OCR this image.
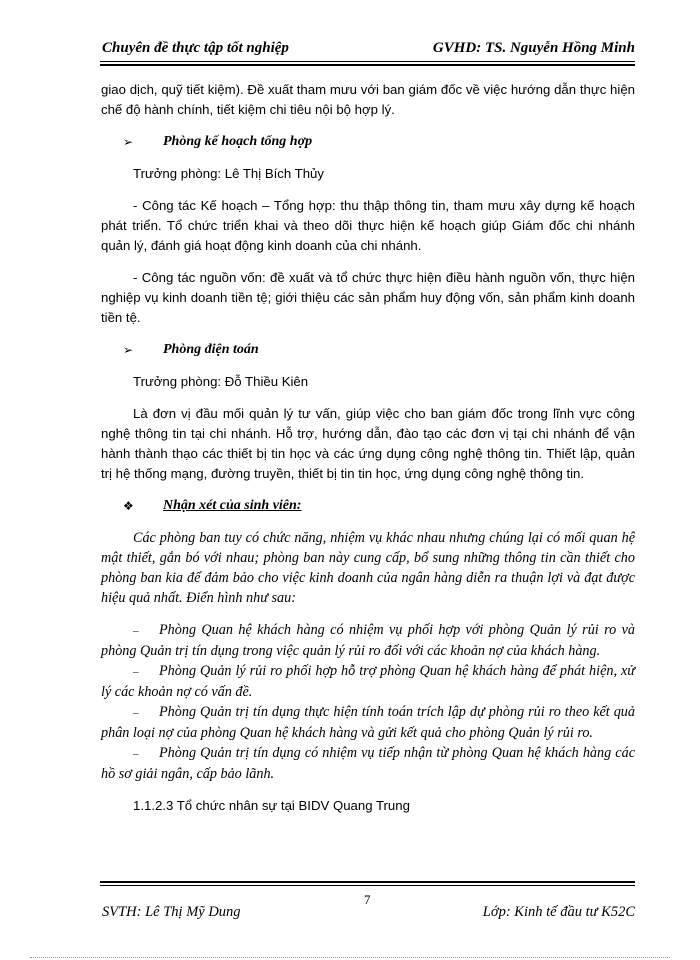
Chuyên đề thực tập tốt nghiệp	GVHD: TS. Nguyễn Hồng Minh

giao dịch, quỹ tiết kiệm). Đề xuất tham mưu với ban giám đốc về việc hướng dẫn thực hiện chế độ hành chính, tiết kiệm chi tiêu nội bộ hợp lý.

➢ Phòng kế hoạch tổng hợp

Trưởng phòng: Lê Thị Bích Thủy

- Công tác Kế hoạch – Tổng hợp: thu thập thông tin, tham mưu xây dựng kế hoạch phát triển. Tổ chức triển khai và theo dõi thực hiện kế hoạch giúp Giám đốc chi nhánh quản lý, đánh giá hoạt động kinh doanh của chi nhánh.

- Công tác nguồn vốn: đề xuất và tổ chức thực hiện điều hành nguồn vốn, thực hiện nghiệp vụ kinh doanh tiền tệ; giới thiệu các sản phẩm huy động vốn, sản phẩm kinh doanh tiền tệ.

➢ Phòng điện toán

Trưởng phòng: Đỗ Thiều Kiên

Là đơn vị đầu mối quản lý tư vấn, giúp việc cho ban giám đốc trong lĩnh vực công nghệ thông tin tại chi nhánh. Hỗ trợ, hướng dẫn, đào tạo các đơn vị tại chi nhánh để vận hành thành thạo các thiết bị tin học và các ứng dụng công nghệ thông tin. Thiết lập, quản trị hệ thống mạng, đường truyền, thiết bị tin tin học, ứng dụng công nghệ thông tin.

❖ Nhận xét của sinh viên:

Các phòng ban tuy có chức năng, nhiệm vụ khác nhau nhưng chúng lại có mối quan hệ mật thiết, gắn bó với nhau; phòng ban này cung cấp, bổ sung những thông tin cần thiết cho phòng ban kia để đảm bảo cho việc kinh doanh của ngân hàng diễn ra thuận lợi và đạt được hiệu quả nhất. Điển hình như sau:

– Phòng Quan hệ khách hàng có nhiệm vụ phối hợp với phòng Quản lý rủi ro và phòng Quản trị tín dụng trong việc quản lý rủi ro đối với các khoản nợ của khách hàng.

– Phòng Quản lý rủi ro phối hợp hỗ trợ phòng Quan hệ khách hàng để phát hiện, xử lý các khoản nợ có vấn đề.

– Phòng Quản trị tín dụng thực hiện tính toán trích lập dự phòng rủi ro theo kết quả phân loại nợ của phòng Quan hệ khách hàng và gửi kết quả cho phòng Quản lý rủi ro.

– Phòng Quản trị tín dụng có nhiệm vụ tiếp nhận từ phòng Quan hệ khách hàng các hồ sơ giải ngân, cấp bảo lãnh.

1.1.2.3 Tổ chức nhân sự tại BIDV Quang Trung

7
SVTH: Lê Thị Mỹ Dung	Lớp: Kinh tế đầu tư K52C
